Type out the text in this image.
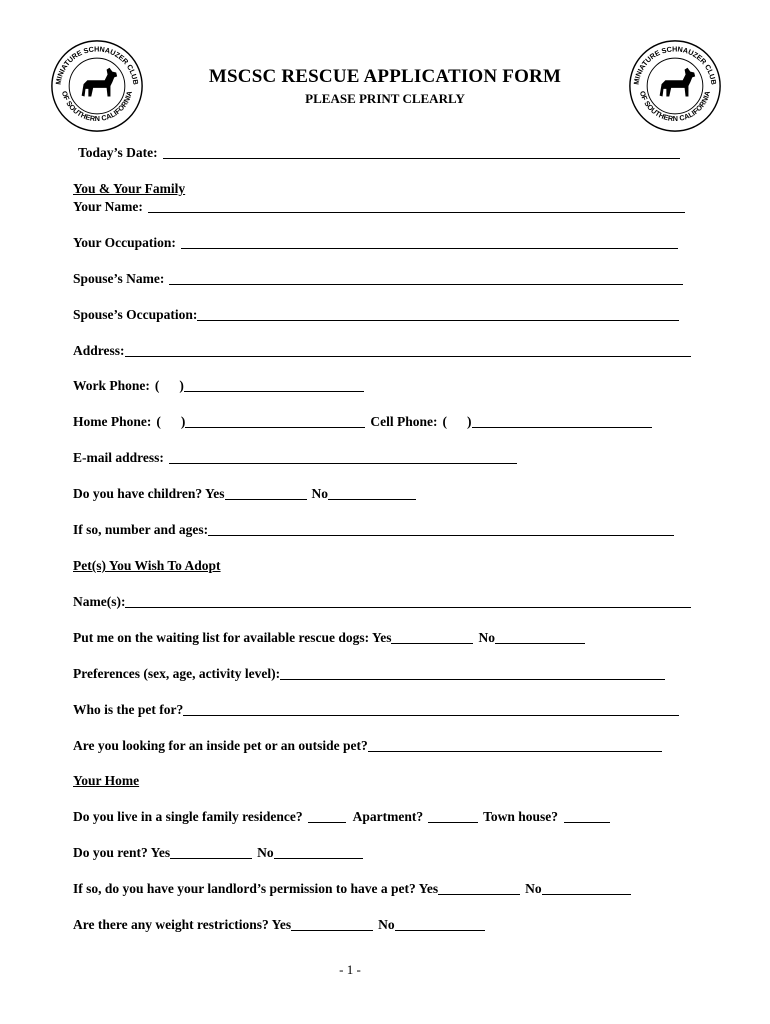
MINIATURE SCHNAUZER CLUB
OF SOUTHERN CALIFORNIA
MINIATURE SCHNAUZER CLUB
OF SOUTHERN CALIFORNIA
MSCSC RESCUE APPLICATION FORM
PLEASE PRINT CLEARLY
Today’s Date:
You & Your Family
Your Name:
Your Occupation:
Spouse’s Name:
Spouse’s Occupation:
Address:
Work Phone: ( )
Home Phone: ( )	Cell Phone: ( )
E-mail address:
Do you have children? Yes	No
If so, number and ages:
Pet(s) You Wish To Adopt
Name(s):
Put me on the waiting list for available rescue dogs: Yes	No
Preferences (sex, age, activity level):
Who is the pet for?
Are you looking for an inside pet or an outside pet?
Your Home
Do you live in a single family residence?	Apartment?	Town house?
Do you rent? Yes	No
If so, do you have your landlord’s permission to have a pet? Yes	No
Are there any weight restrictions? Yes	No
- 1 -
